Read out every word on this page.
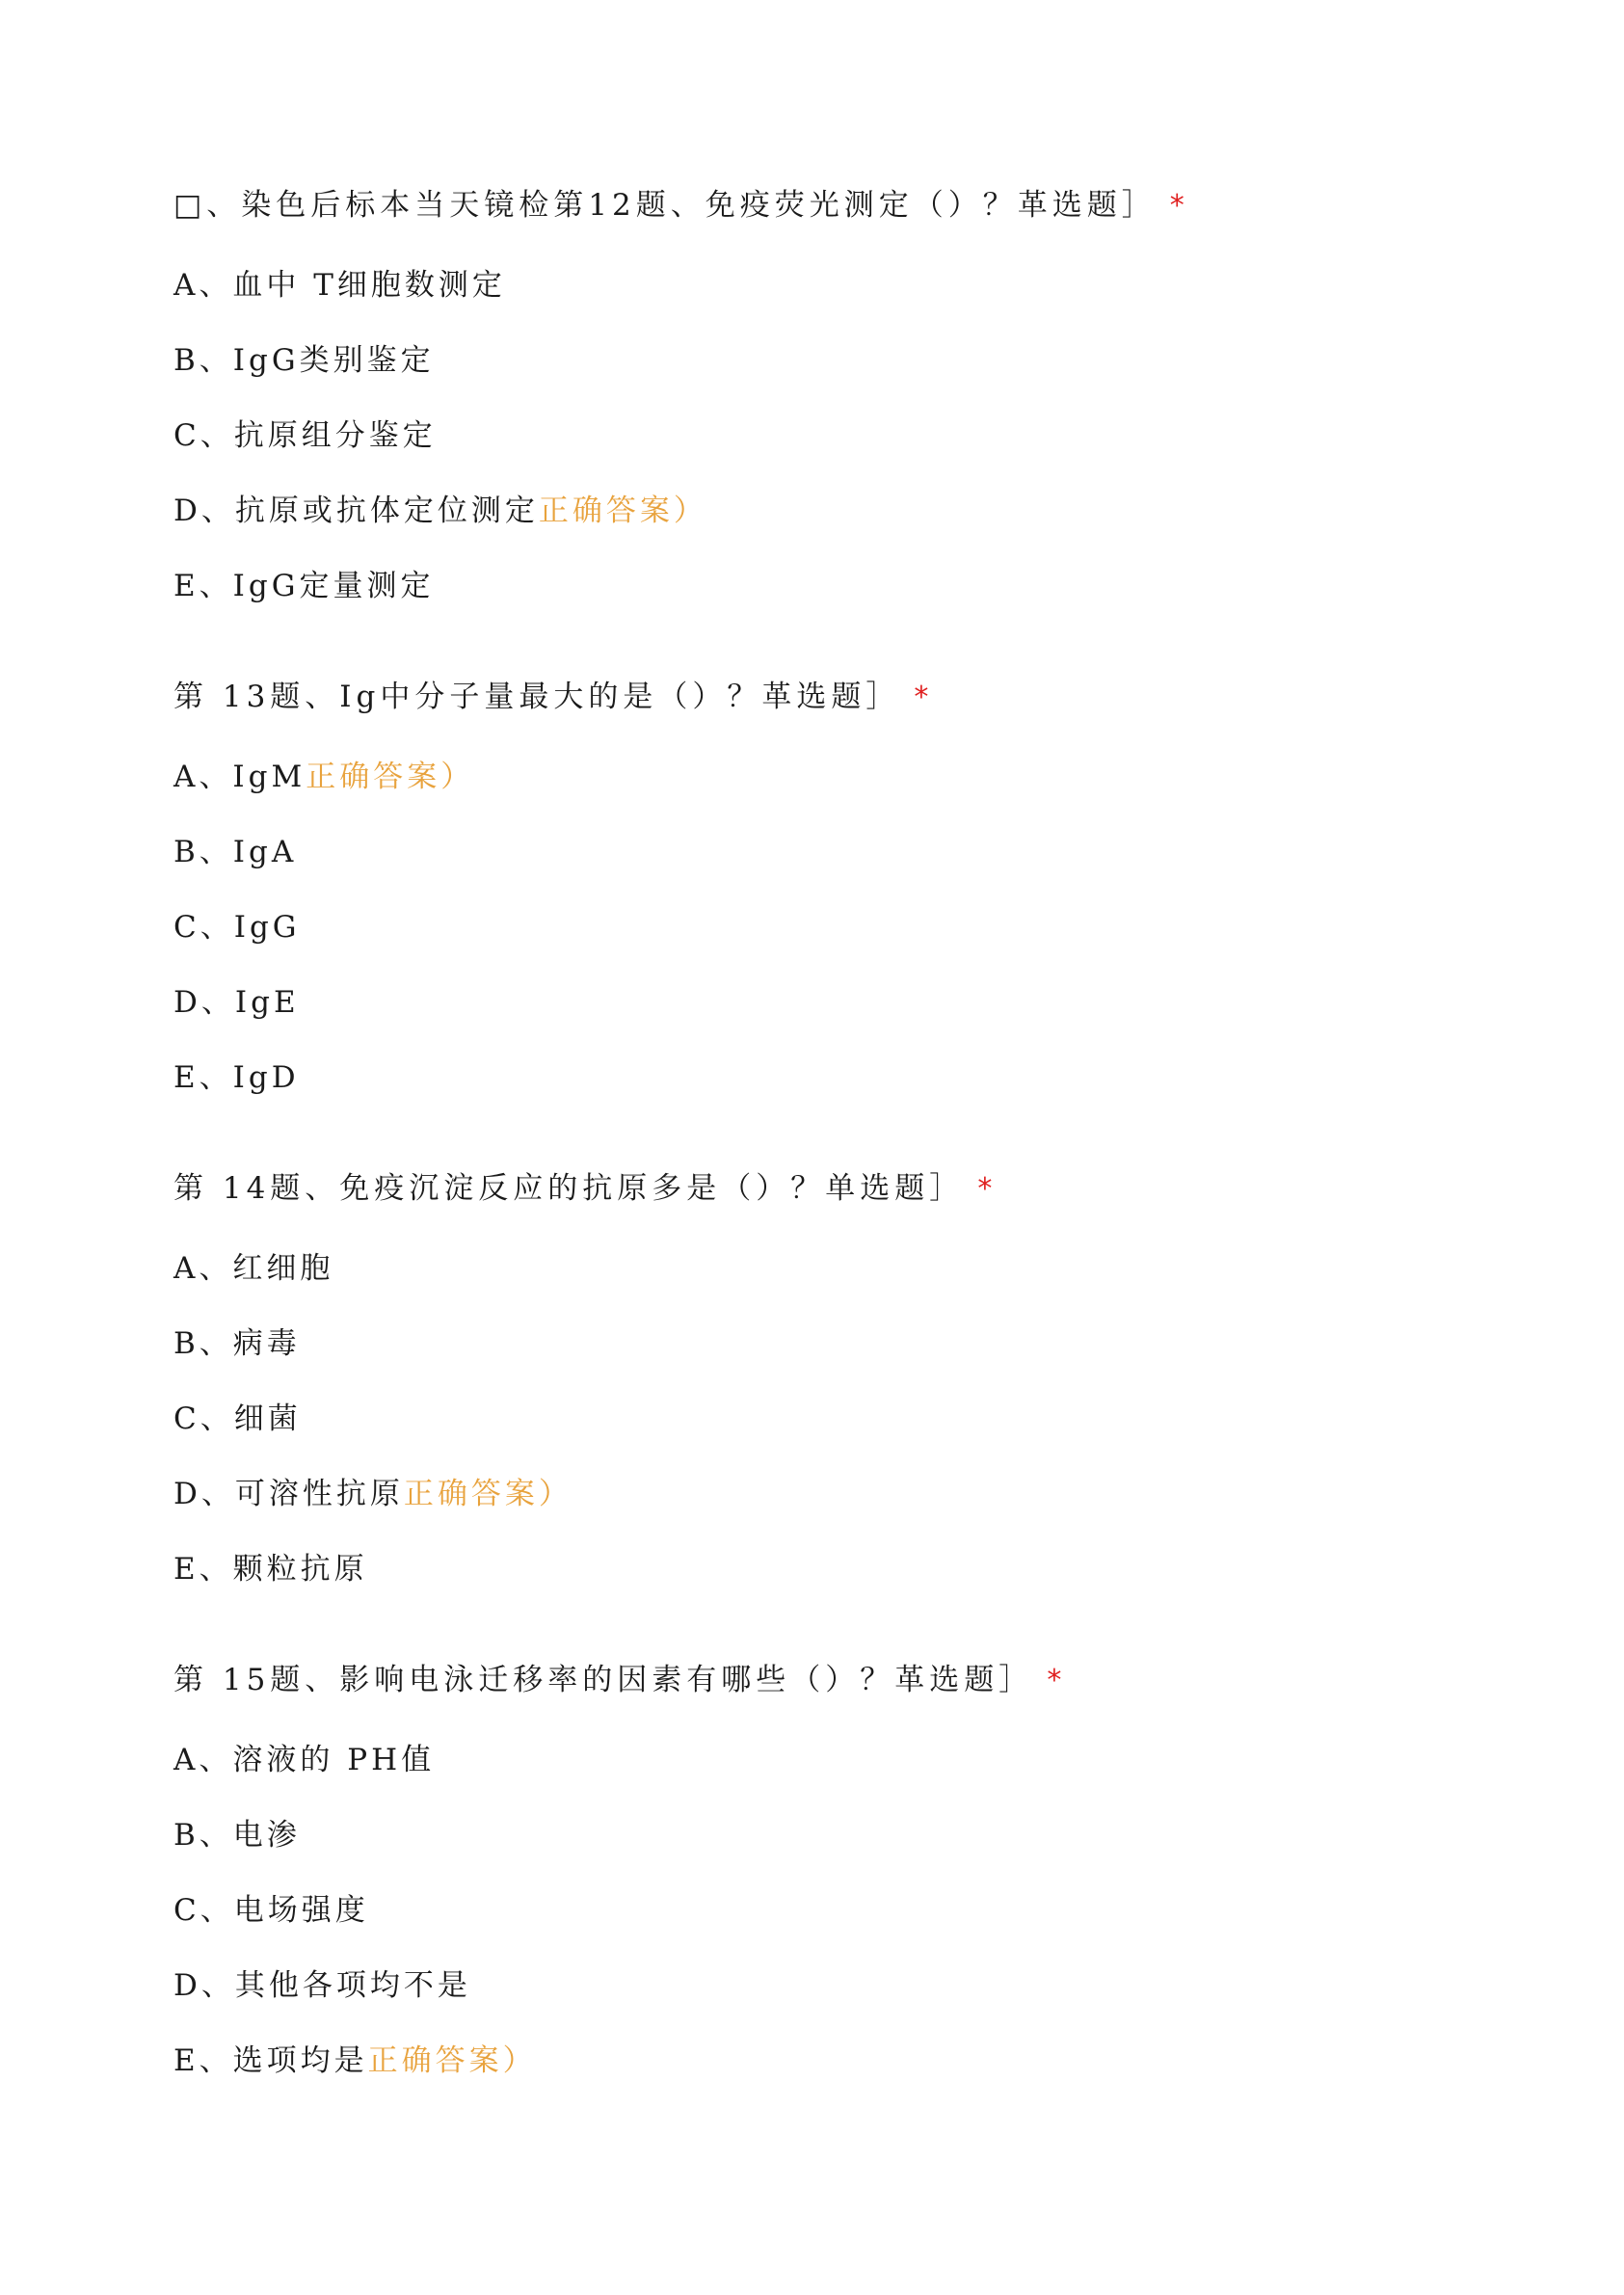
□、染色后标本当天镜检第12题、免疫荧光测定（）？革选题］ *
A、血中 T细胞数测定
B、IgG类别鉴定
C、抗原组分鉴定
D、抗原或抗体定位测定正确答案）
E、IgG定量测定
第 13题、Ig中分子量最大的是（）？革选题］ *
A、IgM正确答案）
B、IgA
C、IgG
D、IgE
E、IgD
第 14题、免疫沉淀反应的抗原多是（）？单选题］ *
A、红细胞
B、病毒
C、细菌
D、可溶性抗原正确答案）
E、颗粒抗原
第 15题、影响电泳迁移率的因素有哪些（）？革选题］ *
A、溶液的 PH值
B、电渗
C、电场强度
D、其他各项均不是
E、选项均是正确答案）
